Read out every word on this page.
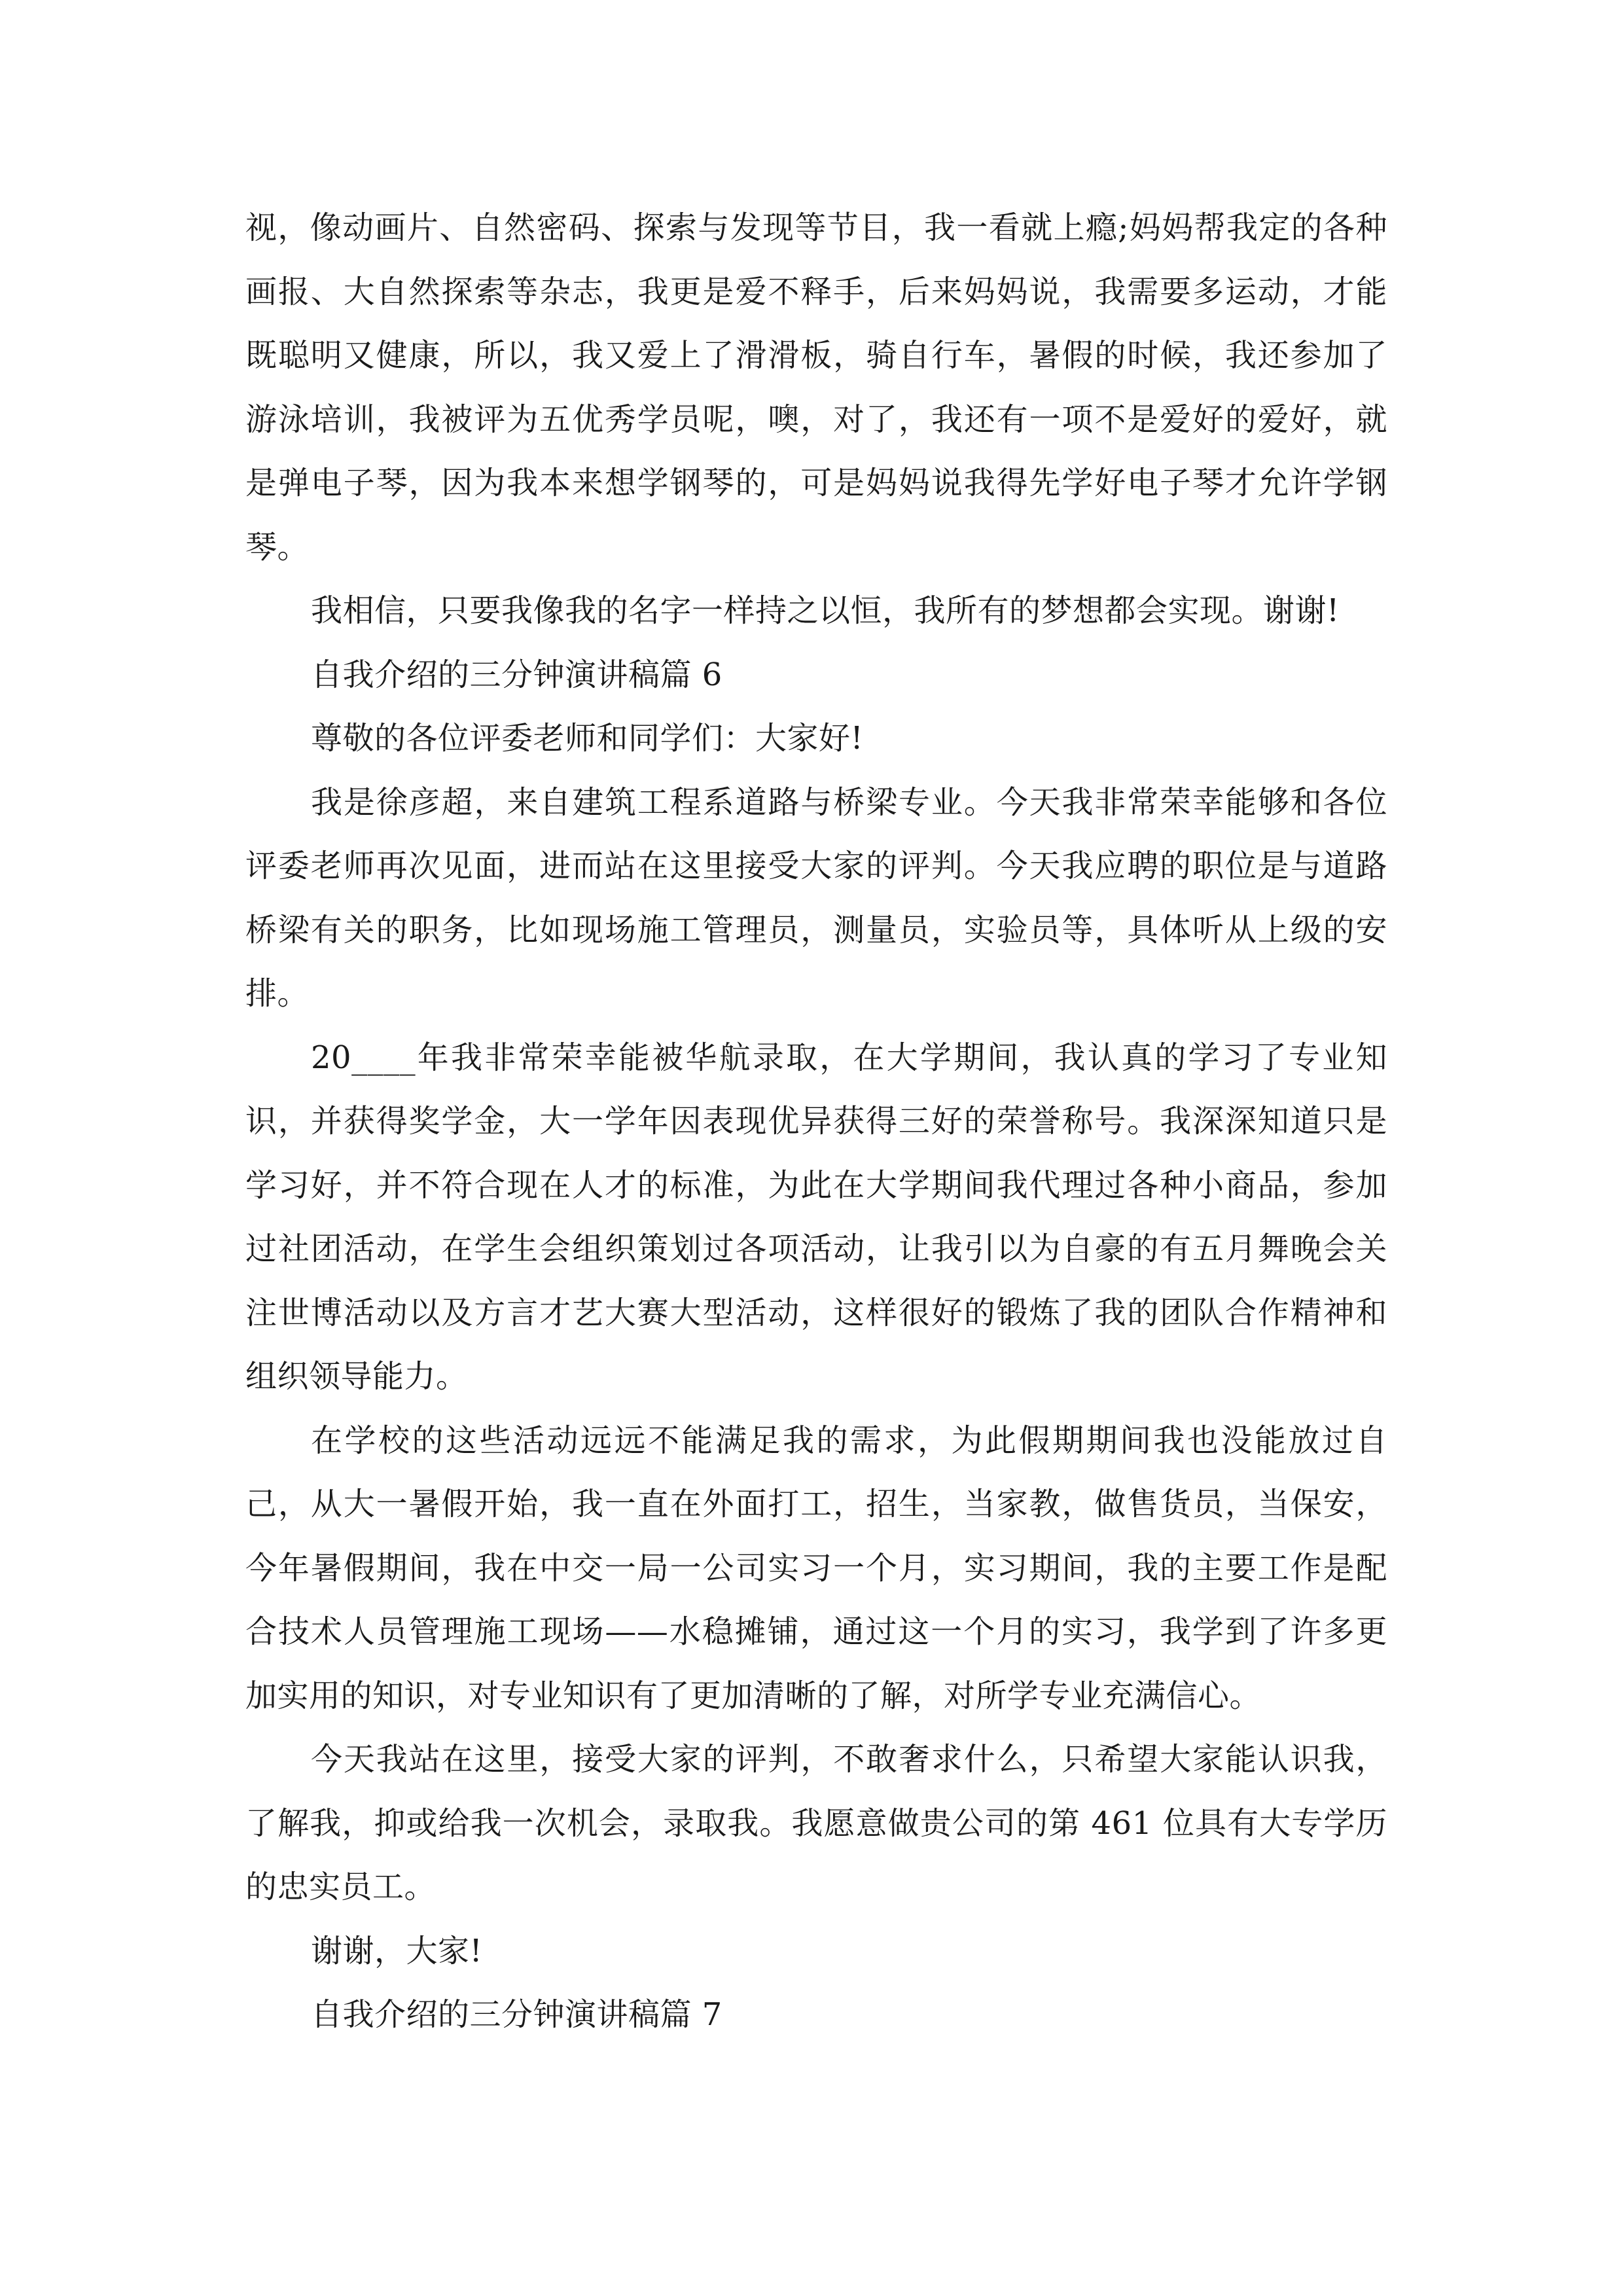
视，像动画片、自然密码、探索与发现等节目，我一看就上瘾;妈妈帮我定的各种画报、大自然探索等杂志，我更是爱不释手，后来妈妈说，我需要多运动，才能既聪明又健康，所以，我又爱上了滑滑板，骑自行车，暑假的时候，我还参加了游泳培训，我被评为五优秀学员呢，噢，对了，我还有一项不是爱好的爱好，就是弹电子琴，因为我本来想学钢琴的，可是妈妈说我得先学好电子琴才允许学钢琴。

我相信，只要我像我的名字一样持之以恒，我所有的梦想都会实现。谢谢!

自我介绍的三分钟演讲稿篇 6

尊敬的各位评委老师和同学们：大家好!

我是徐彦超，来自建筑工程系道路与桥梁专业。今天我非常荣幸能够和各位评委老师再次见面，进而站在这里接受大家的评判。今天我应聘的职位是与道路桥梁有关的职务，比如现场施工管理员，测量员，实验员等，具体听从上级的安排。

20____年我非常荣幸能被华航录取，在大学期间，我认真的学习了专业知识，并获得奖学金，大一学年因表现优异获得三好的荣誉称号。我深深知道只是学习好，并不符合现在人才的标准，为此在大学期间我代理过各种小商品，参加过社团活动，在学生会组织策划过各项活动，让我引以为自豪的有五月舞晚会关注世博活动以及方言才艺大赛大型活动，这样很好的锻炼了我的团队合作精神和组织领导能力。

在学校的这些活动远远不能满足我的需求，为此假期期间我也没能放过自己，从大一暑假开始，我一直在外面打工，招生，当家教，做售货员，当保安，今年暑假期间，我在中交一局一公司实习一个月，实习期间，我的主要工作是配合技术人员管理施工现场——水稳摊铺，通过这一个月的实习，我学到了许多更加实用的知识，对专业知识有了更加清晰的了解，对所学专业充满信心。

今天我站在这里，接受大家的评判，不敢奢求什么，只希望大家能认识我，了解我，抑或给我一次机会，录取我。我愿意做贵公司的第 461 位具有大专学历的忠实员工。

谢谢，大家!

自我介绍的三分钟演讲稿篇 7
